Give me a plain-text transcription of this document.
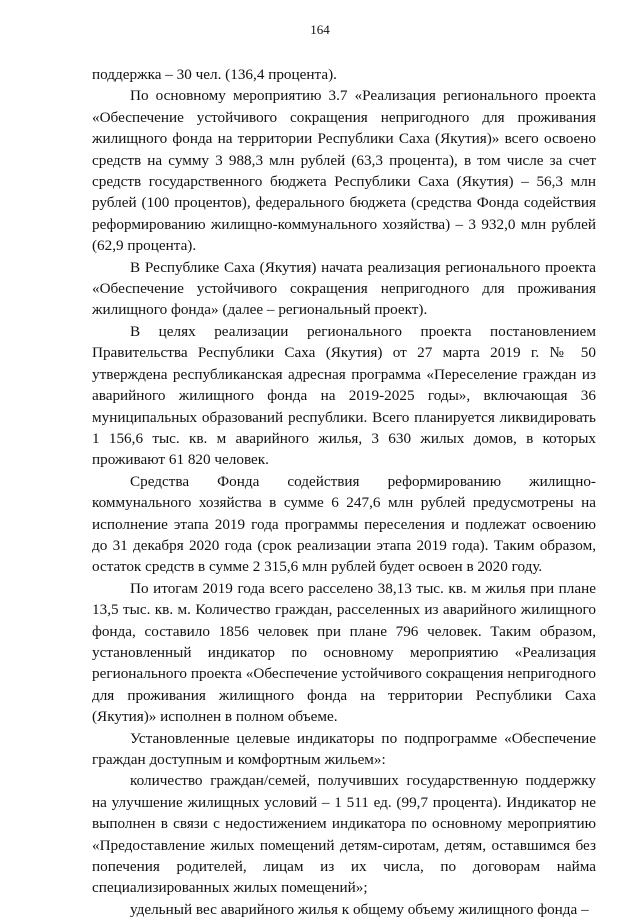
164

поддержка – 30 чел. (136,4 процента).

По основному мероприятию 3.7 «Реализация регионального проекта «Обеспечение устойчивого сокращения непригодного для проживания жилищного фонда на территории Республики Саха (Якутия)» всего освоено средств на сумму 3 988,3 млн рублей (63,3 процента), в том числе за счет средств государственного бюджета Республики Саха (Якутия) – 56,3 млн рублей (100 процентов), федерального бюджета (средства Фонда содействия реформированию жилищно-коммунального хозяйства) – 3 932,0 млн рублей (62,9 процента).

В Республике Саха (Якутия) начата реализация регионального проекта «Обеспечение устойчивого сокращения непригодного для проживания жилищного фонда» (далее – региональный проект).

В целях реализации регионального проекта постановлением Правительства Республики Саха (Якутия) от 27 марта 2019 г. № 50 утверждена республиканская адресная программа «Переселение граждан из аварийного жилищного фонда на 2019-2025 годы», включающая 36 муниципальных образований республики. Всего планируется ликвидировать 1 156,6 тыс. кв. м аварийного жилья, 3 630 жилых домов, в которых проживают 61 820 человек.

Средства Фонда содействия реформированию жилищно-коммунального хозяйства в сумме 6 247,6 млн рублей предусмотрены на исполнение этапа 2019 года программы переселения и подлежат освоению до 31 декабря 2020 года (срок реализации этапа 2019 года). Таким образом, остаток средств в сумме 2 315,6 млн рублей будет освоен в 2020 году.

По итогам 2019 года всего расселено 38,13 тыс. кв. м жилья при плане 13,5 тыс. кв. м. Количество граждан, расселенных из аварийного жилищного фонда, составило 1856 человек при плане 796 человек. Таким образом, установленный индикатор по основному мероприятию «Реализация регионального проекта «Обеспечение устойчивого сокращения непригодного для проживания жилищного фонда на территории Республики Саха (Якутия)» исполнен в полном объеме.

Установленные целевые индикаторы по подпрограмме «Обеспечение граждан доступным и комфортным жильем»:

количество граждан/семей, получивших государственную поддержку на улучшение жилищных условий – 1 511 ед. (99,7 процента). Индикатор не выполнен в связи с недостижением индикатора по основному мероприятию «Предоставление жилых помещений детям-сиротам, детям, оставшимся без попечения родителей, лицам из их числа, по договорам найма специализированных жилых помещений»;

удельный вес аварийного жилья к общему объему жилищного фонда –
